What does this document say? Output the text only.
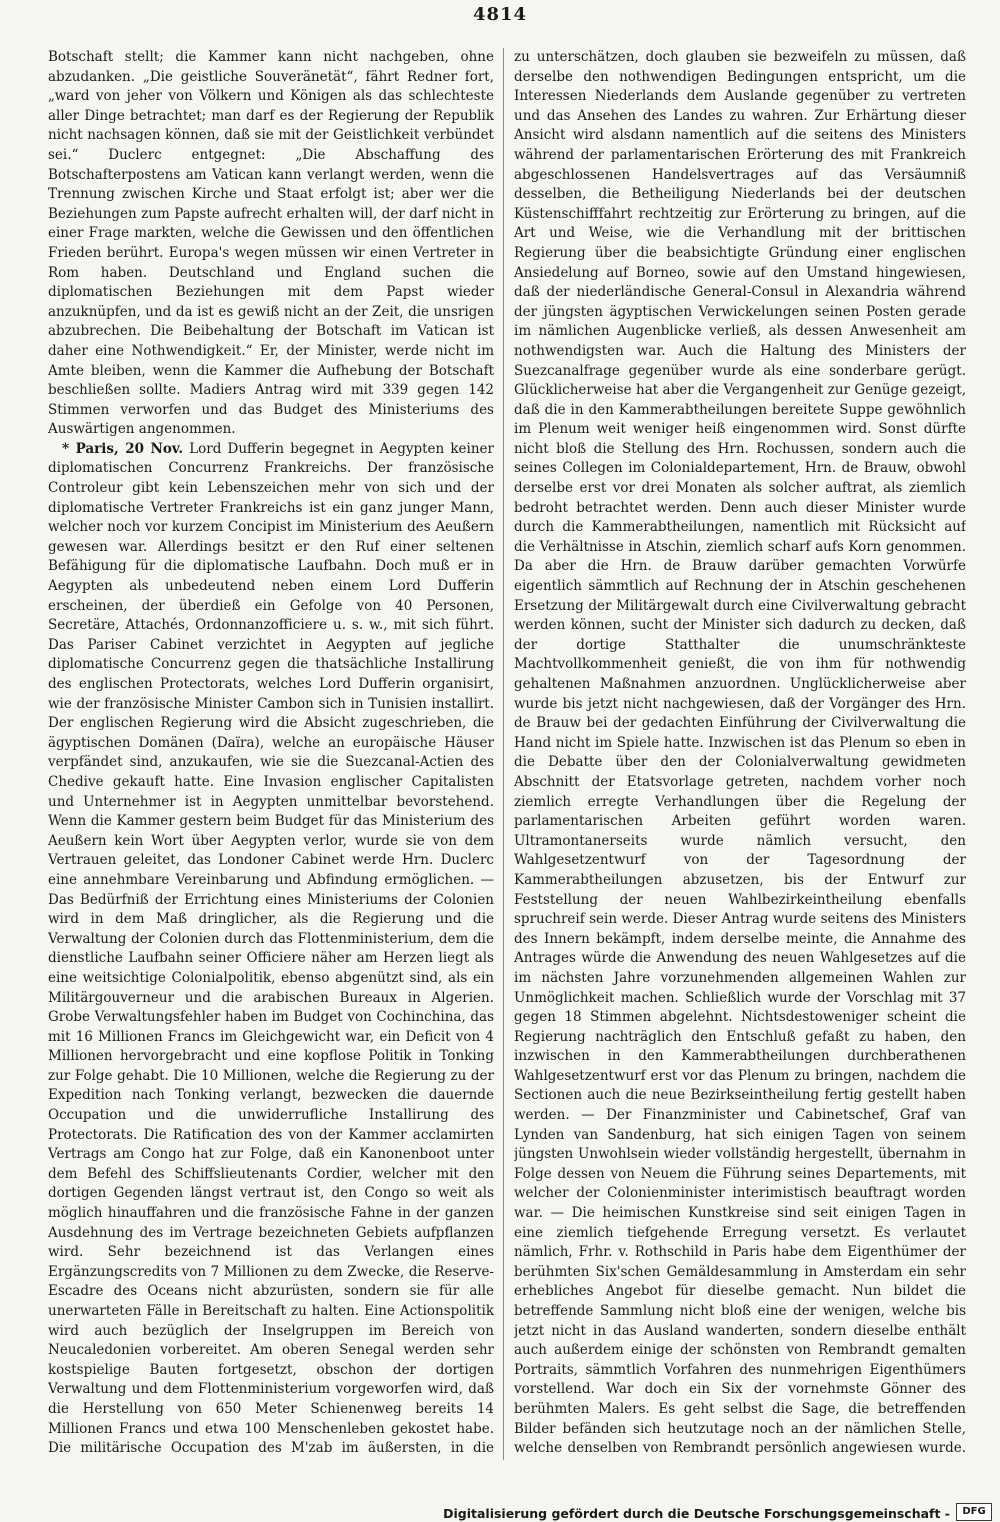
4814

Botschaft stellt; die Kammer kann nicht nachgeben, ohne abzudanken. „Die geistliche Souveränetät“, fährt Redner fort, „ward von jeher von Völkern und Königen als das schlechteste aller Dinge betrachtet; man darf es der Regierung der Republik nicht nachsagen können, daß sie mit der Geistlichkeit verbündet sei.“ Duclerc entgegnet: „Die Abschaffung des Botschafterpostens am Vatican kann verlangt werden, wenn die Trennung zwischen Kirche und Staat erfolgt ist; aber wer die Beziehungen zum Papste aufrecht erhalten will, der darf nicht in einer Frage markten, welche die Gewissen und den öffentlichen Frieden berührt. Europa's wegen müssen wir einen Vertreter in Rom haben. Deutschland und England suchen die diplomatischen Beziehungen mit dem Papst wieder anzuknüpfen, und da ist es gewiß nicht an der Zeit, die unsrigen abzubrechen. Die Beibehaltung der Botschaft im Vatican ist daher eine Nothwendigkeit.“ Er, der Minister, werde nicht im Amte bleiben, wenn die Kammer die Aufhebung der Botschaft beschließen sollte. Madiers Antrag wird mit 339 gegen 142 Stimmen verworfen und das Budget des Ministeriums des Auswärtigen angenommen.

* Paris, 20 Nov. Lord Dufferin begegnet in Aegypten keiner diplomatischen Concurrenz Frankreichs. Der französische Controleur gibt kein Lebenszeichen mehr von sich und der diplomatische Vertreter Frankreichs ist ein ganz junger Mann, welcher noch vor kurzem Concipist im Ministerium des Aeußern gewesen war. Allerdings besitzt er den Ruf einer seltenen Befähigung für die diplomatische Laufbahn. Doch muß er in Aegypten als unbedeutend neben einem Lord Dufferin erscheinen, der überdieß ein Gefolge von 40 Personen, Secretäre, Attachés, Ordonnanzofficiere u. s. w., mit sich führt. Das Pariser Cabinet verzichtet in Aegypten auf jegliche diplomatische Concurrenz gegen die thatsächliche Installirung des englischen Protectorats, welches Lord Dufferin organisirt, wie der französische Minister Cambon sich in Tunisien installirt. Der englischen Regierung wird die Absicht zugeschrieben, die ägyptischen Domänen (Daïra), welche an europäische Häuser verpfändet sind, anzukaufen, wie sie die Suezcanal-Actien des Chedive gekauft hatte. Eine Invasion englischer Capitalisten und Unternehmer ist in Aegypten unmittelbar bevorstehend. Wenn die Kammer gestern beim Budget für das Ministerium des Aeußern kein Wort über Aegypten verlor, wurde sie von dem Vertrauen geleitet, das Londoner Cabinet werde Hrn. Duclerc eine annehmbare Vereinbarung und Abfindung ermöglichen. — Das Bedürfniß der Errichtung eines Ministeriums der Colonien wird in dem Maß dringlicher, als die Regierung und die Verwaltung der Colonien durch das Flottenministerium, dem die dienstliche Laufbahn seiner Officiere näher am Herzen liegt als eine weitsichtige Colonialpolitik, ebenso abgenützt sind, als ein Militärgouverneur und die arabischen Bureaux in Algerien. Grobe Verwaltungsfehler haben im Budget von Cochinchina, das mit 16 Millionen Francs im Gleichgewicht war, ein Deficit von 4 Millionen hervorgebracht und eine kopflose Politik in Tonking zur Folge gehabt. Die 10 Millionen, welche die Regierung zu der Expedition nach Tonking verlangt, bezwecken die dauernde Occupation und die unwiderrufliche Installirung des Protectorats. Die Ratification des von der Kammer acclamirten Vertrags am Congo hat zur Folge, daß ein Kanonenboot unter dem Befehl des Schiffslieutenants Cordier, welcher mit den dortigen Gegenden längst vertraut ist, den Congo so weit als möglich hinauffahren und die französische Fahne in der ganzen Ausdehnung des im Vertrage bezeichneten Gebiets aufpflanzen wird. Sehr bezeichnend ist das Verlangen eines Ergänzungscredits von 7 Millionen zu dem Zwecke, die Reserve-Escadre des Oceans nicht abzurüsten, sondern sie für alle unerwarteten Fälle in Bereitschaft zu halten. Eine Actionspolitik wird auch bezüglich der Inselgruppen im Bereich von Neucaledonien vorbereitet. Am oberen Senegal werden sehr kostspielige Bauten fortgesetzt, obschon der dortigen Verwaltung und dem Flottenministerium vorgeworfen wird, daß die Herstellung von 650 Meter Schienenweg bereits 14 Millionen Francs und etwa 100 Menschenleben gekostet habe. Die militärische Occupation des M'zab im äußersten, in die

zu unterschätzen, doch glauben sie bezweifeln zu müssen, daß derselbe den nothwendigen Bedingungen entspricht, um die Interessen Niederlands dem Auslande gegenüber zu vertreten und das Ansehen des Landes zu wahren. Zur Erhärtung dieser Ansicht wird alsdann namentlich auf die seitens des Ministers während der parlamentarischen Erörterung des mit Frankreich abgeschlossenen Handelsvertrages auf das Versäumniß desselben, die Betheiligung Niederlands bei der deutschen Küstenschifffahrt rechtzeitig zur Erörterung zu bringen, auf die Art und Weise, wie die Verhandlung mit der brittischen Regierung über die beabsichtigte Gründung einer englischen Ansiedelung auf Borneo, sowie auf den Umstand hingewiesen, daß der niederländische General-Consul in Alexandria während der jüngsten ägyptischen Verwickelungen seinen Posten gerade im nämlichen Augenblicke verließ, als dessen Anwesenheit am nothwendigsten war. Auch die Haltung des Ministers der Suezcanalfrage gegenüber wurde als eine sonderbare gerügt. Glücklicherweise hat aber die Vergangenheit zur Genüge gezeigt, daß die in den Kammerabtheilungen bereitete Suppe gewöhnlich im Plenum weit weniger heiß eingenommen wird. Sonst dürfte nicht bloß die Stellung des Hrn. Rochussen, sondern auch die seines Collegen im Colonialdepartement, Hrn. de Brauw, obwohl derselbe erst vor drei Monaten als solcher auftrat, als ziemlich bedroht betrachtet werden. Denn auch dieser Minister wurde durch die Kammerabtheilungen, namentlich mit Rücksicht auf die Verhältnisse in Atschin, ziemlich scharf aufs Korn genommen. Da aber die Hrn. de Brauw darüber gemachten Vorwürfe eigentlich sämmtlich auf Rechnung der in Atschin geschehenen Ersetzung der Militärgewalt durch eine Civilverwaltung gebracht werden können, sucht der Minister sich dadurch zu decken, daß der dortige Statthalter die unumschränkteste Machtvollkommenheit genießt, die von ihm für nothwendig gehaltenen Maßnahmen anzuordnen. Unglücklicherweise aber wurde bis jetzt nicht nachgewiesen, daß der Vorgänger des Hrn. de Brauw bei der gedachten Einführung der Civilverwaltung die Hand nicht im Spiele hatte. Inzwischen ist das Plenum so eben in die Debatte über den der Colonialverwaltung gewidmeten Abschnitt der Etatsvorlage getreten, nachdem vorher noch ziemlich erregte Verhandlungen über die Regelung der parlamentarischen Arbeiten geführt worden waren. Ultramontanerseits wurde nämlich versucht, den Wahlgesetzentwurf von der Tagesordnung der Kammerabtheilungen abzusetzen, bis der Entwurf zur Feststellung der neuen Wahlbezirkeintheilung ebenfalls spruchreif sein werde. Dieser Antrag wurde seitens des Ministers des Innern bekämpft, indem derselbe meinte, die Annahme des Antrages würde die Anwendung des neuen Wahlgesetzes auf die im nächsten Jahre vorzunehmenden allgemeinen Wahlen zur Unmöglichkeit machen. Schließlich wurde der Vorschlag mit 37 gegen 18 Stimmen abgelehnt. Nichtsdestoweniger scheint die Regierung nachträglich den Entschluß gefaßt zu haben, den inzwischen in den Kammerabtheilungen durchberathenen Wahlgesetzentwurf erst vor das Plenum zu bringen, nachdem die Sectionen auch die neue Bezirkseintheilung fertig gestellt haben werden. — Der Finanzminister und Cabinetschef, Graf van Lynden van Sandenburg, hat sich einigen Tagen von seinem jüngsten Unwohlsein wieder vollständig hergestellt, übernahm in Folge dessen von Neuem die Führung seines Departements, mit welcher der Colonienminister interimistisch beauftragt worden war. — Die heimischen Kunstkreise sind seit einigen Tagen in eine ziemlich tiefgehende Erregung versetzt. Es verlautet nämlich, Frhr. v. Rothschild in Paris habe dem Eigenthümer der berühmten Six'schen Gemäldesammlung in Amsterdam ein sehr erhebliches Angebot für dieselbe gemacht. Nun bildet die betreffende Sammlung nicht bloß eine der wenigen, welche bis jetzt nicht in das Ausland wanderten, sondern dieselbe enthält auch außerdem einige der schönsten von Rembrandt gemalten Portraits, sämmtlich Vorfahren des nunmehrigen Eigenthümers vorstellend. War doch ein Six der vornehmste Gönner des berühmten Malers. Es geht selbst die Sage, die betreffenden Bilder befänden sich heutzutage noch an der nämlichen Stelle, welche denselben von Rembrandt persönlich angewiesen wurde.

Digitalisierung gefördert durch die Deutsche Forschungsgemeinschaft -	DFG
